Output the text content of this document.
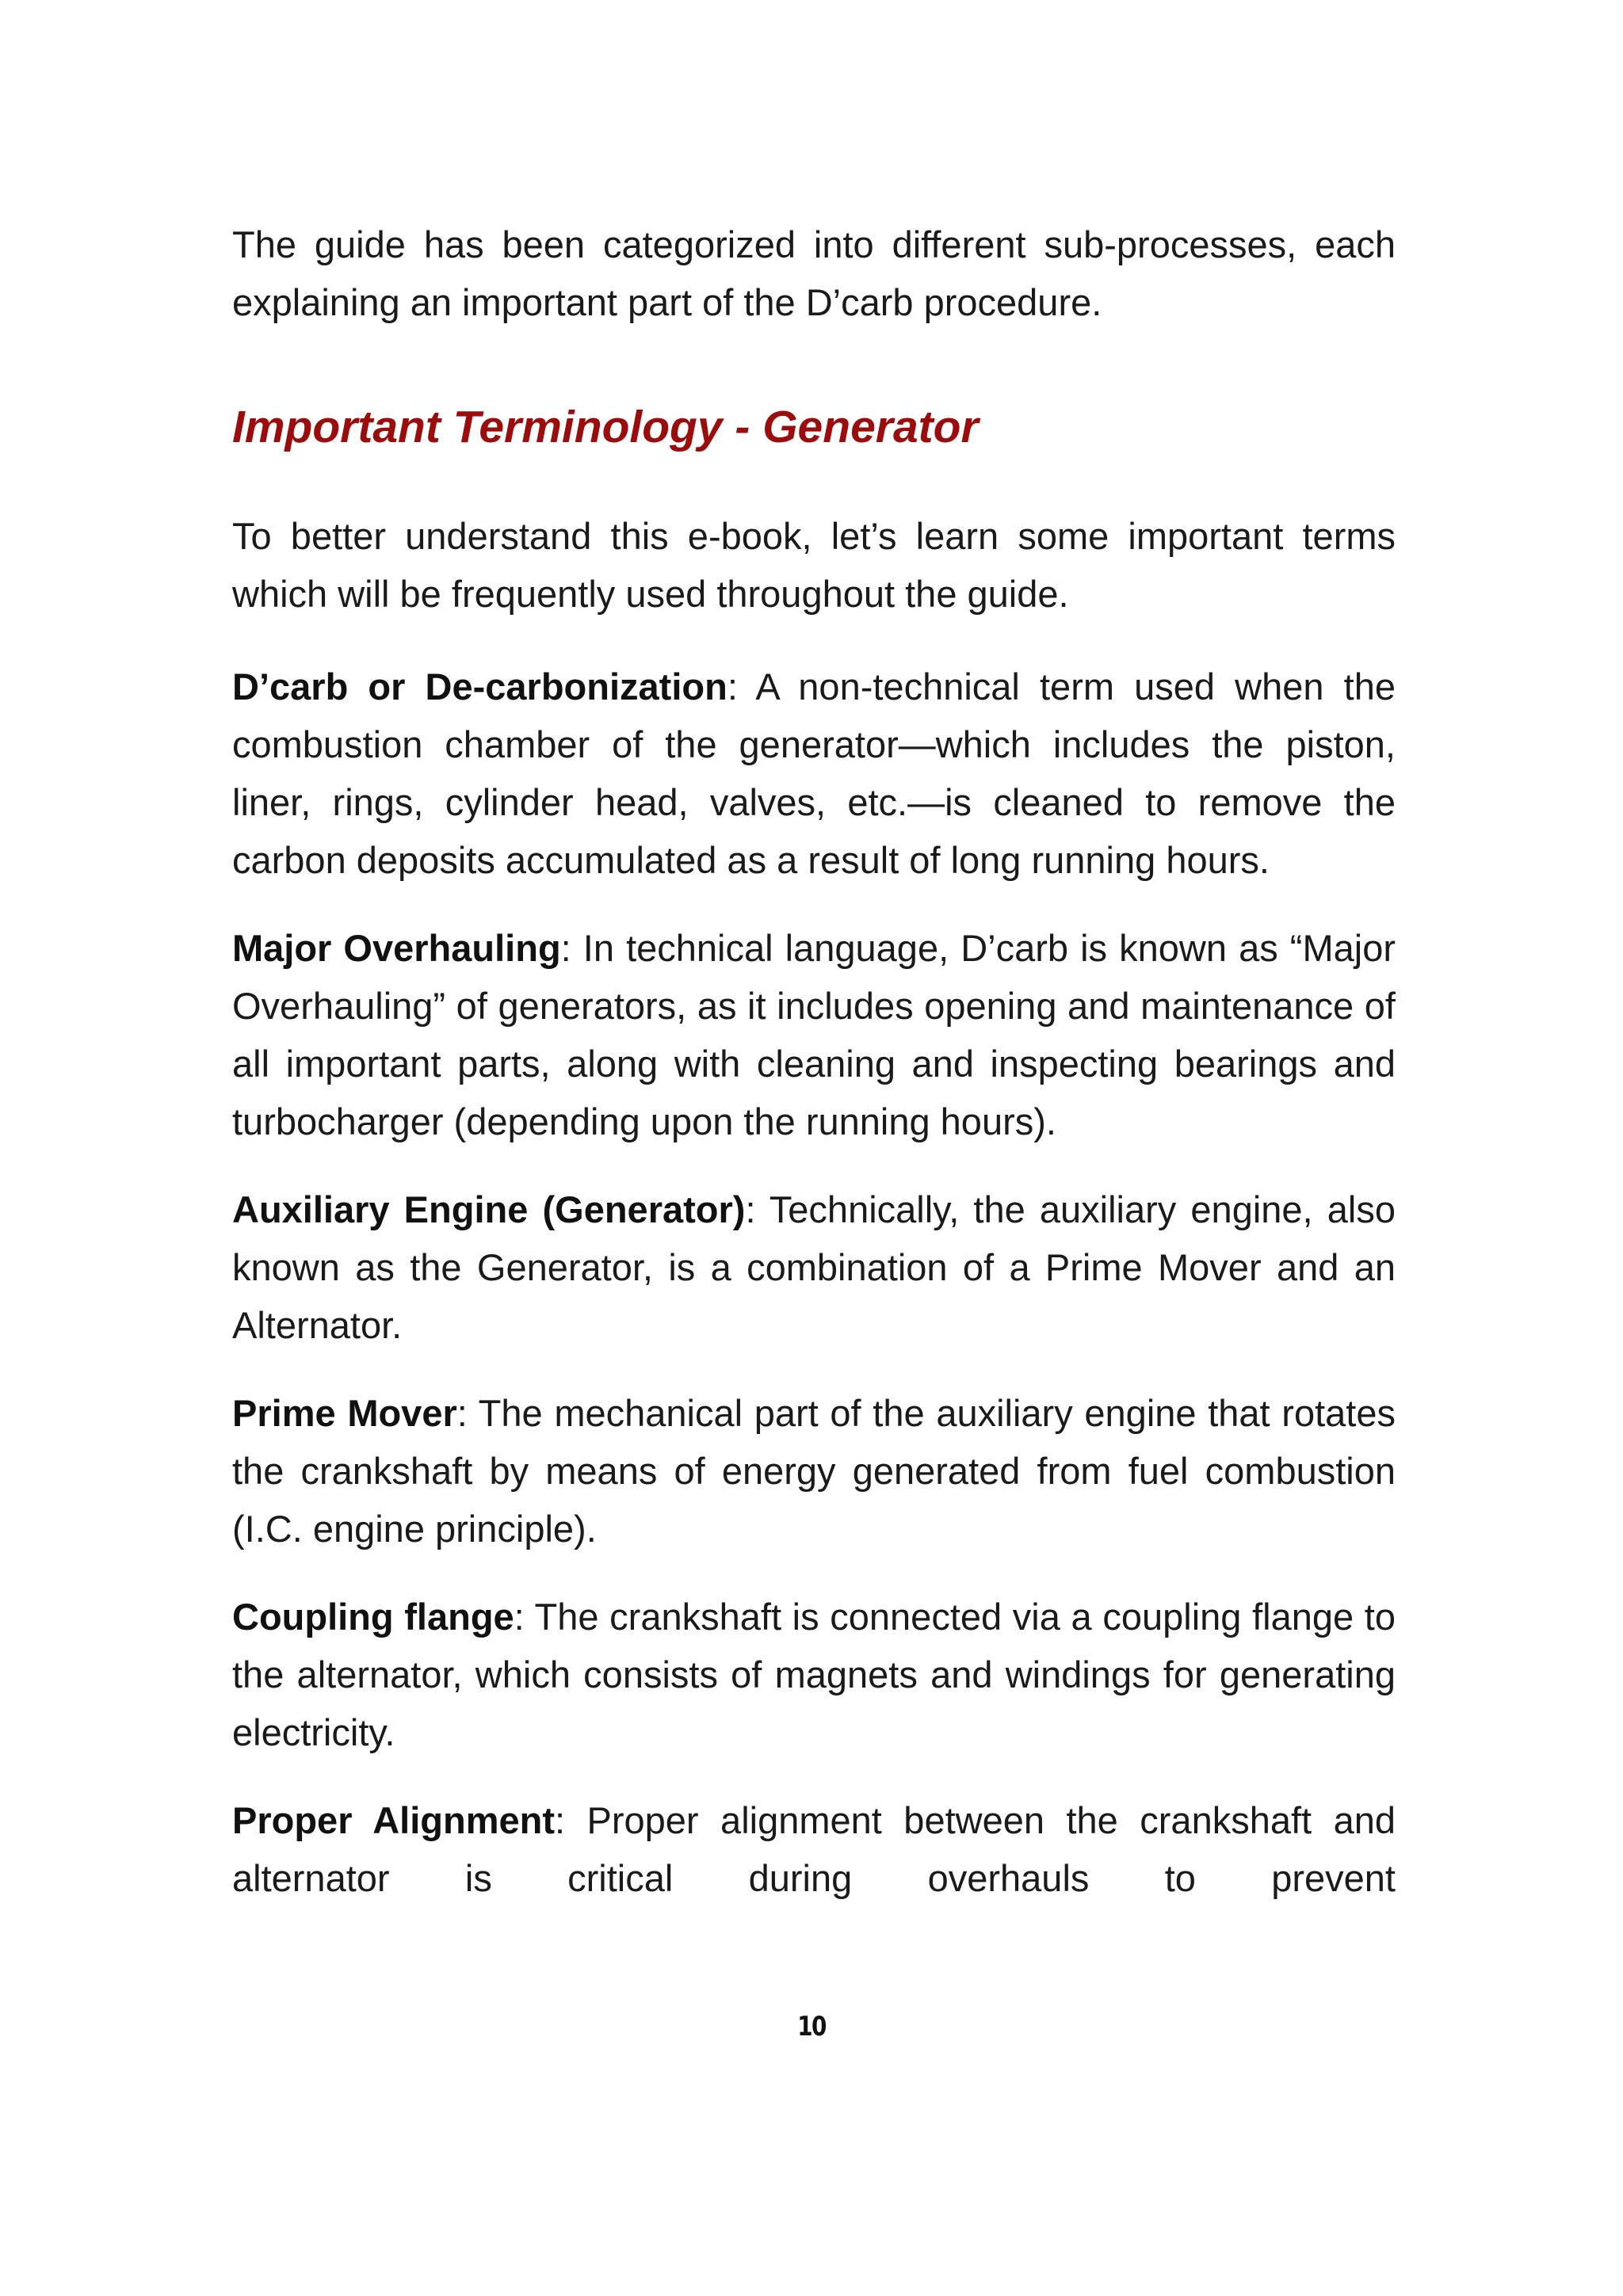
The guide has been categorized into different sub-processes, each explaining an important part of the D’carb procedure.

Important Terminology - Generator

To better understand this e-book, let’s learn some important terms which will be frequently used throughout the guide.

D’carb or De-carbonization: A non-technical term used when the combustion chamber of the generator—which includes the piston, liner, rings, cylinder head, valves, etc.—is cleaned to remove the carbon deposits accumulated as a result of long running hours.

Major Overhauling: In technical language, D’carb is known as “Major Overhauling” of generators, as it includes opening and maintenance of all important parts, along with cleaning and inspecting bearings and turbocharger (depending upon the running hours).

Auxiliary Engine (Generator): Technically, the auxiliary engine, also known as the Generator, is a combination of a Prime Mover and an Alternator.

Prime Mover: The mechanical part of the auxiliary engine that rotates the crankshaft by means of energy generated from fuel combustion (I.C. engine principle).

Coupling flange: The crankshaft is connected via a coupling flange to the alternator, which consists of magnets and windings for generating electricity.

Proper Alignment: Proper alignment between the crankshaft and alternator is critical during overhauls to prevent

10
